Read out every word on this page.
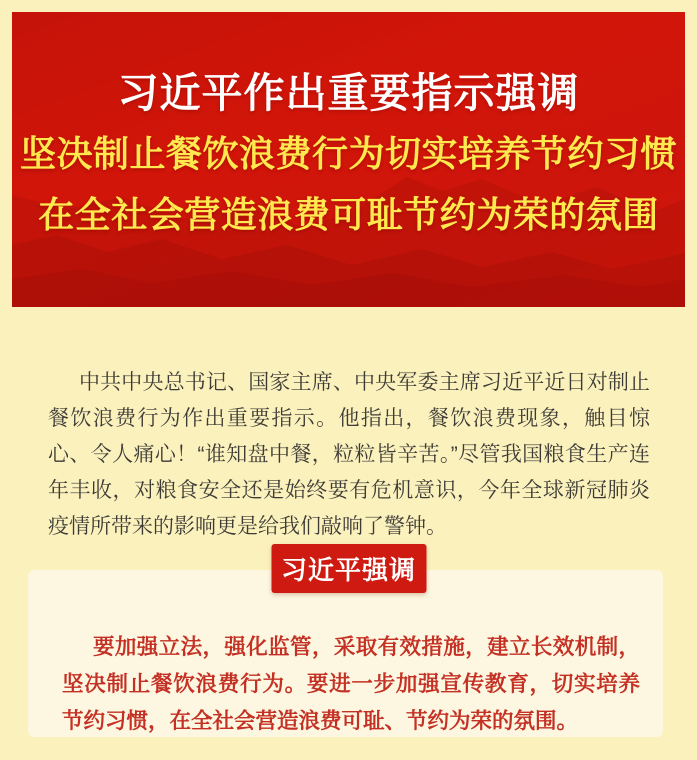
习近平作出重要指示强调
坚决制止餐饮浪费行为切实培养节约习惯
在全社会营造浪费可耻节约为荣的氛围

中共中央总书记、国家主席、中央军委主席习近平近日对制止餐饮浪费行为作出重要指示。他指出，餐饮浪费现象，触目惊心、令人痛心！“谁知盘中餐，粒粒皆辛苦。”尽管我国粮食生产连年丰收，对粮食安全还是始终要有危机意识，今年全球新冠肺炎疫情所带来的影响更是给我们敲响了警钟。

要加强立法，强化监管，采取有效措施，建立长效机制，坚决制止餐饮浪费行为。要进一步加强宣传教育，切实培养节约习惯，在全社会营造浪费可耻、节约为荣的氛围。

习近平强调
